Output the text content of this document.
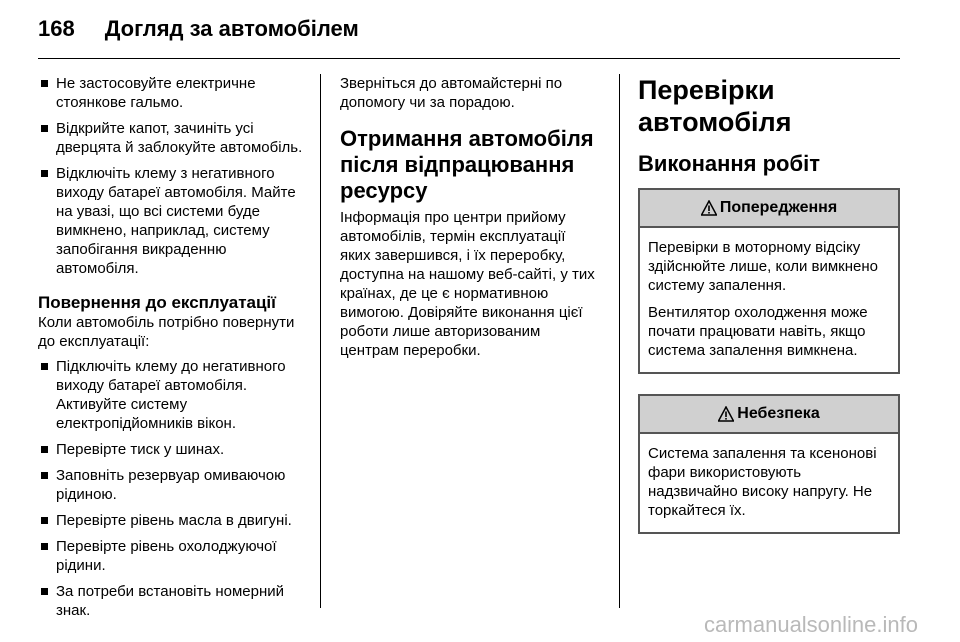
168 Догляд за автомобілем
Не застосовуйте електричне стоянкове гальмо.
Відкрийте капот, зачиніть усі дверцята й заблокуйте автомобіль.
Відключіть клему з негативного виходу батареї автомобіля. Майте на увазі, що всі системи буде вимкнено, наприклад, систему запобігання викраденню автомобіля.
Повернення до експлуатації

Коли автомобіль потрібно повернути до експлуатації:

Підключіть клему до негативного виходу батареї автомобіля. Активуйте систему електропідйомників вікон.
Перевірте тиск у шинах.
Заповніть резервуар омиваючою рідиною.
Перевірте рівень масла в двигуні.
Перевірте рівень охолоджуючої рідини.
За потреби встановіть номерний знак.

Зверніться до автомайстерні по допомогу чи за порадою.

Отримання автомобіля після відпрацювання ресурсу

Інформація про центри прийому автомобілів, термін експлуатації яких завершився, і їх переробку, доступна на нашому веб-сайті, у тих країнах, де це є нормативною вимогою. Довіряйте виконання цієї роботи лише авторизованим центрам переробки.

Перевірки автомобіля
Виконання робіт
Попередження

Перевірки в моторному відсіку здійснюйте лише, коли вимкнено систему запалення.

Вентилятор охолодження може почати працювати навіть, якщо система запалення вимкнена.

Небезпека

Система запалення та ксенонові фари використовують надзвичайно високу напругу. Не торкайтеся їх.

carmanualsonline.info
